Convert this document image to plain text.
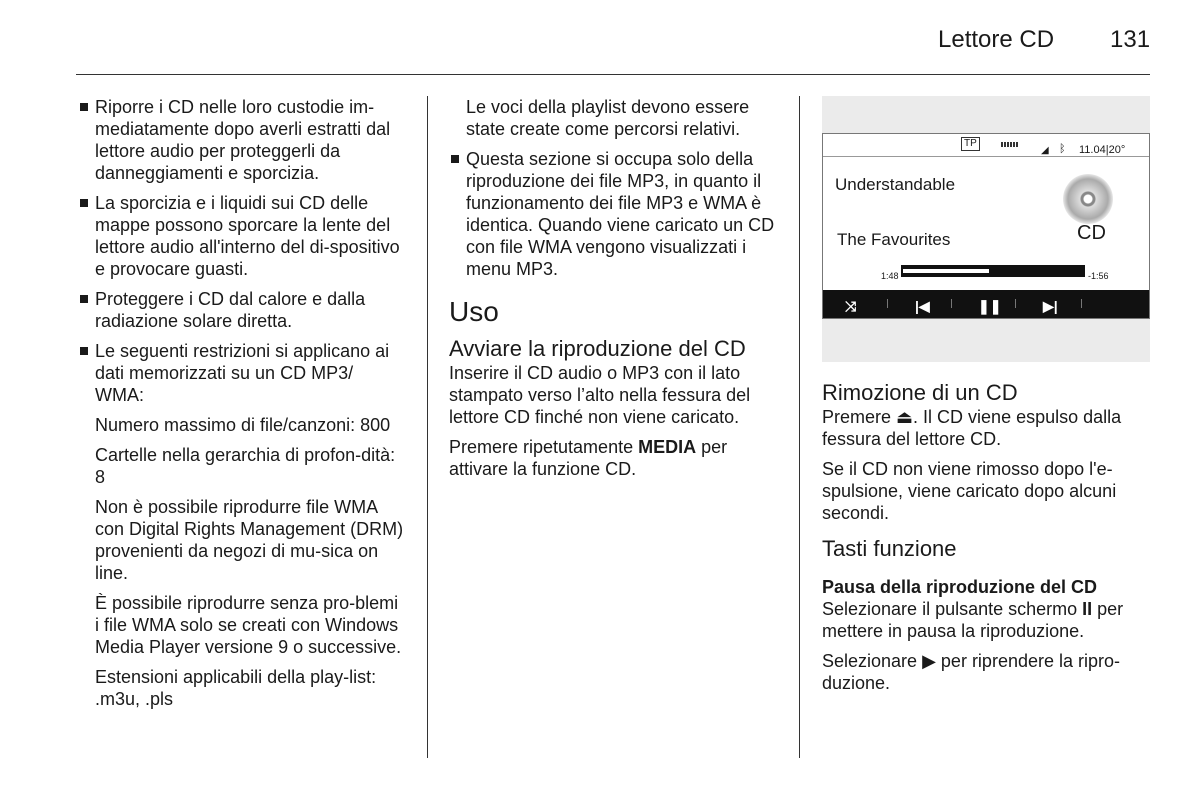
Lettore CD 131
Riporre i CD nelle loro custodie im-mediatamente dopo averli estratti dal lettore audio per proteggerli da danneggiamenti e sporcizia.
La sporcizia e i liquidi sui CD delle mappe possono sporcare la lente del lettore audio all'interno del di-spositivo e provocare guasti.
Proteggere i CD dal calore e dalla radiazione solare diretta.
Le seguenti restrizioni si applicano ai dati memorizzati su un CD MP3/ WMA:
Numero massimo di file/canzoni: 800
Cartelle nella gerarchia di profon-dità: 8
Non è possibile riprodurre file WMA con Digital Rights Management (DRM) provenienti da negozi di mu-sica on line.
È possibile riprodurre senza pro-blemi i file WMA solo se creati con Windows Media Player versione 9 o successive.
Estensioni applicabili della play-list: .m3u, .pls
Le voci della playlist devono essere state create come percorsi relativi.
Questa sezione si occupa solo della riproduzione dei file MP3, in quanto il funzionamento dei file MP3 e WMA è identica. Quando viene caricato un CD con file WMA vengono visualizzati i menu MP3.
Uso
Avviare la riproduzione del CD
Inserire il CD audio o MP3 con il lato stampato verso l’alto nella fessura del lettore CD finché non viene caricato.
Premere ripetutamente MEDIA per attivare la funzione CD.
TP
◢ ᛒ 11.04|20°
Understandable
CD
The Favourites
1:48	-1:56
⤨	|◀	❚❚	▶|
Rimozione di un CD
Premere ⏏. Il CD viene espulso dalla fessura del lettore CD.
Se il CD non viene rimosso dopo l'e-spulsione, viene caricato dopo alcuni secondi.
Tasti funzione
Pausa della riproduzione del CD
Selezionare il pulsante schermo II per mettere in pausa la riproduzione.
Selezionare ▶ per riprendere la ripro-duzione.
